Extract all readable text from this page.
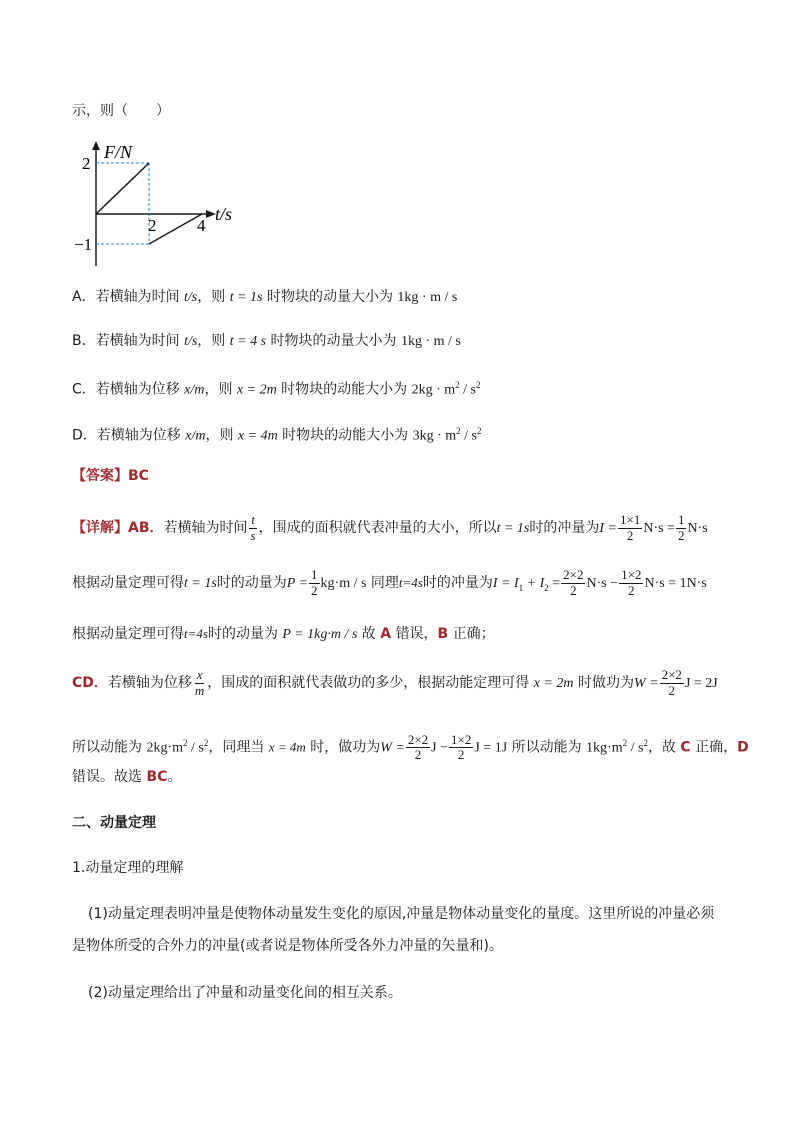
示，则（　　）
F/N
t/s
2
−1
2 4
A．若横轴为时间 t/s，则 t = 1s 时物块的动量大小为 1kg · m / s
B．若横轴为时间 t/s，则 t = 4 s 时物块的动量大小为 1kg · m / s
C．若横轴为位移 x/m，则 x = 2m 时物块的动能大小为 $2kg \cdot m^2 / s^2$
D．若横轴为位移 x/m，则 x = 4m 时物块的动能大小为 $3kg \cdot m^2 / s^2$
【答案】BC
【详解】AB．若横轴为时间 $\frac{t}{s}$ ，围成的面积就代表冲量的大小，所以t = 1s时的冲量为$I = \frac{1\times 1}{2} N\cdot s = \frac{1}{2} N\cdot s$
根据动量定理可得t = 1s时的动量为$P = \frac{1}{2} kg\cdot m / s$ 同理t=4s时的冲量为$I = I_1 + I_2 = \frac{2\times 2}{2} N\cdot s - \frac{1\times 2}{2} N\cdot s = 1N\cdot s$
根据动量定理可得t=4s时的动量为 P = 1kg·m / s 故 A 错误，B 正确；
CD．若横轴为位移 $\frac{x}{m}$ ，围成的面积就代表做功的多少，根据动能定理可得 x = 2m 时做功为$W = \frac{2\times 2}{2}$ J = 2J
所以动能为 $2kg\cdot m^2 / s^2$，同理当 x = 4m 时，做功为$W = \frac{2\times 2}{2}$ $J - \frac{1\times 2}{2}$ J = 1J 所以动能为 $1kg\cdot m^2 / s^2$，故 C 正确，D
错误。故选 BC。
二、动量定理
1.动量定理的理解
(1)动量定理表明冲量是使物体动量发生变化的原因,冲量是物体动量变化的量度。这里所说的冲量必须
是物体所受的合外力的冲量(或者说是物体所受各外力冲量的矢量和)。
(2)动量定理给出了冲量和动量变化间的相互关系。
